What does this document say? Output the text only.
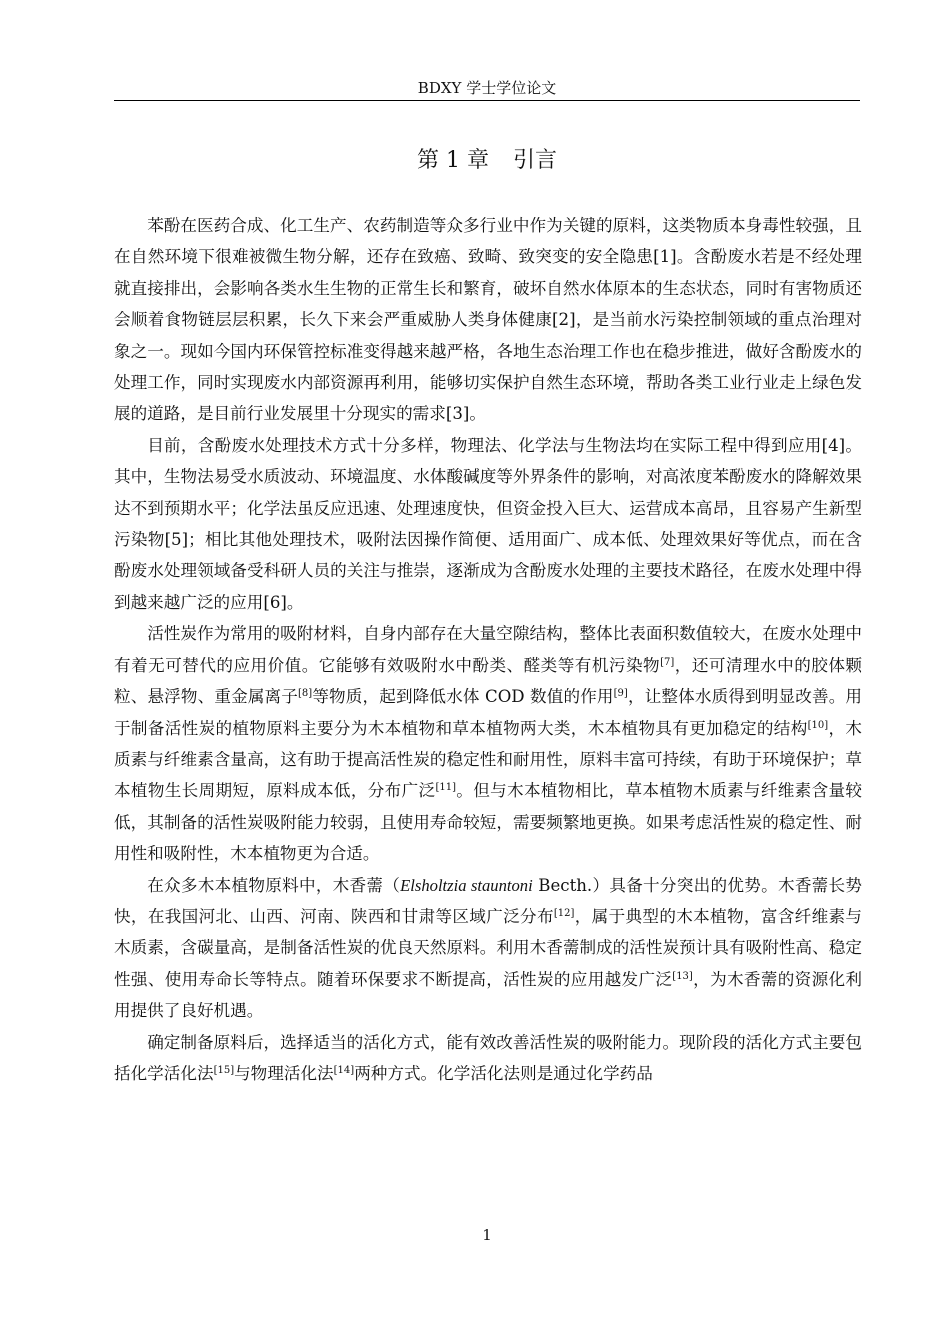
BDXY 学士学位论文
第 1 章 引言

苯酚在医药合成、化工生产、农药制造等众多行业中作为关键的原料，这类物质本身毒性较强，且在自然环境下很难被微生物分解，还存在致癌、致畸、致突变的安全隐患[1]。含酚废水若是不经处理就直接排出，会影响各类水生生物的正常生长和繁育，破坏自然水体原本的生态状态，同时有害物质还会顺着食物链层层积累，长久下来会严重威胁人类身体健康[2]，是当前水污染控制领域的重点治理对象之一。现如今国内环保管控标准变得越来越严格，各地生态治理工作也在稳步推进，做好含酚废水的处理工作，同时实现废水内部资源再利用，能够切实保护自然生态环境，帮助各类工业行业走上绿色发展的道路，是目前行业发展里十分现实的需求[3]。

目前，含酚废水处理技术方式十分多样，物理法、化学法与生物法均在实际工程中得到应用[4]。其中，生物法易受水质波动、环境温度、水体酸碱度等外界条件的影响，对高浓度苯酚废水的降解效果达不到预期水平；化学法虽反应迅速、处理速度快，但资金投入巨大、运营成本高昂，且容易产生新型污染物[5]；相比其他处理技术，吸附法因操作简便、适用面广、成本低、处理效果好等优点，而在含酚废水处理领域备受科研人员的关注与推崇，逐渐成为含酚废水处理的主要技术路径，在废水处理中得到越来越广泛的应用[6]。

活性炭作为常用的吸附材料，自身内部存在大量空隙结构，整体比表面积数值较大，在废水处理中有着无可替代的应用价值。它能够有效吸附水中酚类、醛类等有机污染物[7]，还可清理水中的胶体颗粒、悬浮物、重金属离子[8]等物质，起到降低水体 COD 数值的作用[9]，让整体水质得到明显改善。用于制备活性炭的植物原料主要分为木本植物和草本植物两大类，木本植物具有更加稳定的结构[10]，木质素与纤维素含量高，这有助于提高活性炭的稳定性和耐用性，原料丰富可持续，有助于环境保护；草本植物生长周期短，原料成本低，分布广泛[11]。但与木本植物相比，草本植物木质素与纤维素含量较低，其制备的活性炭吸附能力较弱，且使用寿命较短，需要频繁地更换。如果考虑活性炭的稳定性、耐用性和吸附性，木本植物更为合适。

在众多木本植物原料中，木香薷（Elsholtzia stauntoni Becth.）具备十分突出的优势。木香薷长势快，在我国河北、山西、河南、陕西和甘肃等区域广泛分布[12]，属于典型的木本植物，富含纤维素与木质素，含碳量高，是制备活性炭的优良天然原料。利用木香薷制成的活性炭预计具有吸附性高、稳定性强、使用寿命长等特点。随着环保要求不断提高，活性炭的应用越发广泛[13]，为木香薷的资源化利用提供了良好机遇。

确定制备原料后，选择适当的活化方式，能有效改善活性炭的吸附能力。现阶段的活化方式主要包括化学活化法[15]与物理活化法[14]两种方式。化学活化法则是通过化学药品

1
